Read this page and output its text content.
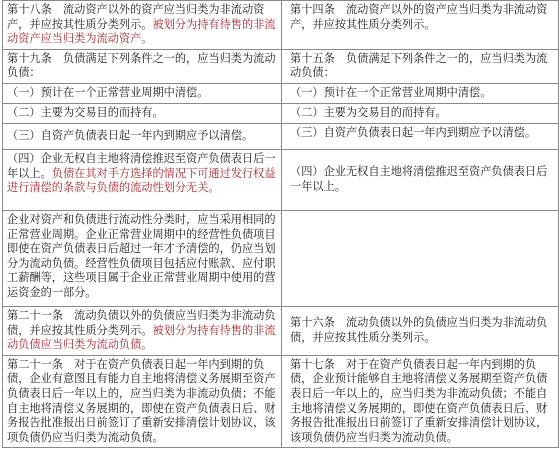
第十八条　流动资产以外的资产应当归类为非流动资产，并应按其性质分类列示。被划分为持有待售的非流动资产应当归类为流动资产。	第十四条　流动资产以外的资产应当归类为非流动资产，并应按其性质分类列示。
第十九条　负债满足下列条件之一的，应当归类为流动负债：	第十五条　负债满足下列条件之一的，应当归类为流动负债：
（一）预计在一个正常营业周期中清偿。	（一）预计在一个正常营业周期中清偿。
（二）主要为交易目的而持有。	（二）主要为交易目的而持有。
（三）自资产负债表日起一年内到期应予以清偿。	（三）自资产负债表日起一年内到期应予以清偿。
（四）企业无权自主地将清偿推迟至资产负债表日后一年以上。负债在其对手方选择的情况下可通过发行权益进行清偿的条款与负债的流动性划分无关。	（四）企业无权自主地将清偿推迟至资产负债表日后一年以上。
企业对资产和负债进行流动性分类时，应当采用相同的正常营业周期。企业正常营业周期中的经营性负债项目即使在资产负债表日后超过一年才予清偿的，仍应当划分为流动负债。经营性负债项目包括应付账款、应付职工薪酬等，这些项目属于企业正常营业周期中使用的营运资金的一部分。	
第二十一条　流动负债以外的负债应当归类为非流动负债，并应按其性质分类列示。被划分为持有待售的非流动负债应当归类为流动负债。	第十六条　流动负债以外的负债应当归类为非流动负债，并应按其性质分类列示。
第二十一条　对于在资产负债表日起一年内到期的负债，企业有意图且有能力自主地将清偿义务展期至资产负债表日后一年以上的，应当归类为非流动负债；不能自主地将清偿义务展期的，即使在资产负债表日后、财务报告批准报出日前签订了重新安排清偿计划协议，该项负债仍应当归类为流动负债。	第十七条　对于在资产负债表日起一年内到期的负债，企业预计能够自主地将清偿义务展期至资产负债表日后一年以上的，应当归类为非流动负债；不能自主地将清偿义务展期的，即使在资产负债表日后、财务报告批准报出日前签订了重新安排清偿计划协议，该项负债仍应当归类为流动负债。
